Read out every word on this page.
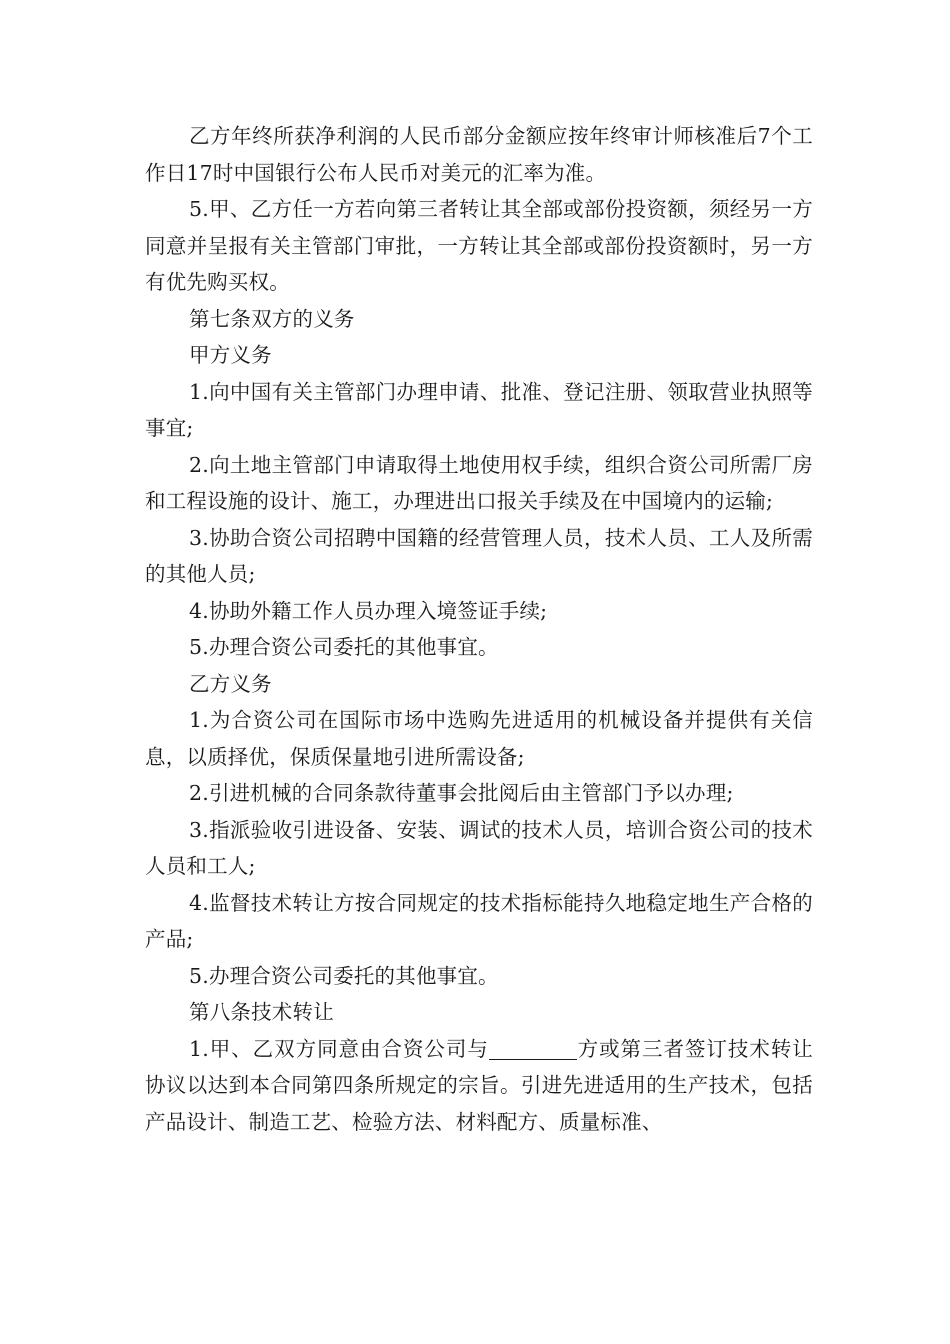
乙方年终所获净利润的人民币部分金额应按年终审计师核准后7个工作日17时中国银行公布人民币对美元的汇率为准。

5.甲、乙方任一方若向第三者转让其全部或部份投资额，须经另一方同意并呈报有关主管部门审批，一方转让其全部或部份投资额时，另一方有优先购买权。

第七条双方的义务

甲方义务

1.向中国有关主管部门办理申请、批准、登记注册、领取营业执照等事宜;

2.向土地主管部门申请取得土地使用权手续，组织合资公司所需厂房和工程设施的设计、施工，办理进出口报关手续及在中国境内的运输;

3.协助合资公司招聘中国籍的经营管理人员，技术人员、工人及所需的其他人员;

4.协助外籍工作人员办理入境签证手续;

5.办理合资公司委托的其他事宜。

乙方义务

1.为合资公司在国际市场中选购先进适用的机械设备并提供有关信息，以质择优，保质保量地引进所需设备;

2.引进机械的合同条款待董事会批阅后由主管部门予以办理;

3.指派验收引进设备、安装、调试的技术人员，培训合资公司的技术人员和工人;

4.监督技术转让方按合同规定的技术指标能持久地稳定地生产合格的产品;

5.办理合资公司委托的其他事宜。

第八条技术转让

1.甲、乙双方同意由合资公司与	方或第三者签订技术转让协议以达到本合同第四条所规定的宗旨。引进先进适用的生产技术，包括产品设计、制造工艺、检验方法、材料配方、质量标准、
